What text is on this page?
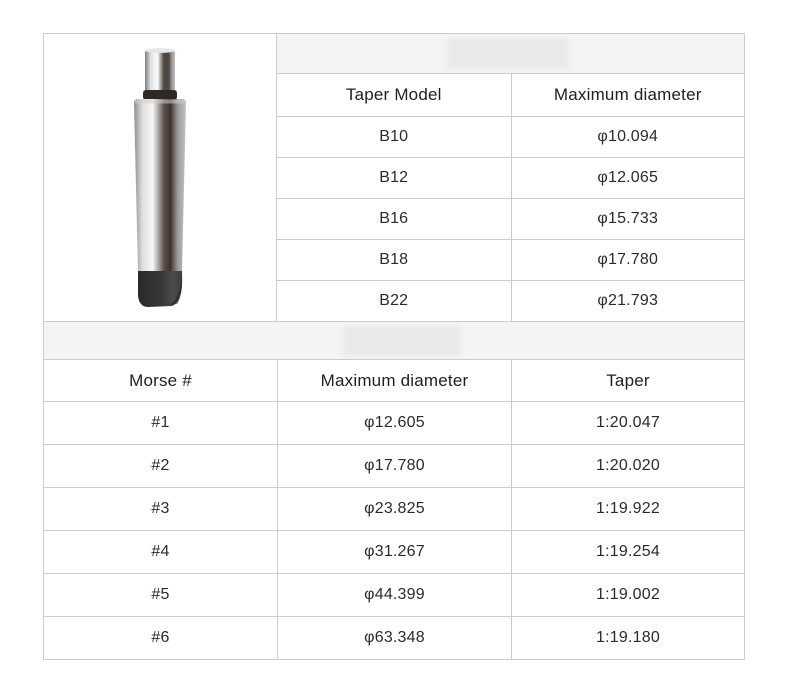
Taper Model	Maximum diameter
B10	φ10.094
B12	φ12.065
B16	φ15.733
B18	φ17.780
B22	φ21.793
Morse #	Maximum diameter	Taper
#1	φ12.605	1:20.047
#2	φ17.780	1:20.020
#3	φ23.825	1:19.922
#4	φ31.267	1:19.254
#5	φ44.399	1:19.002
#6	φ63.348	1:19.180
